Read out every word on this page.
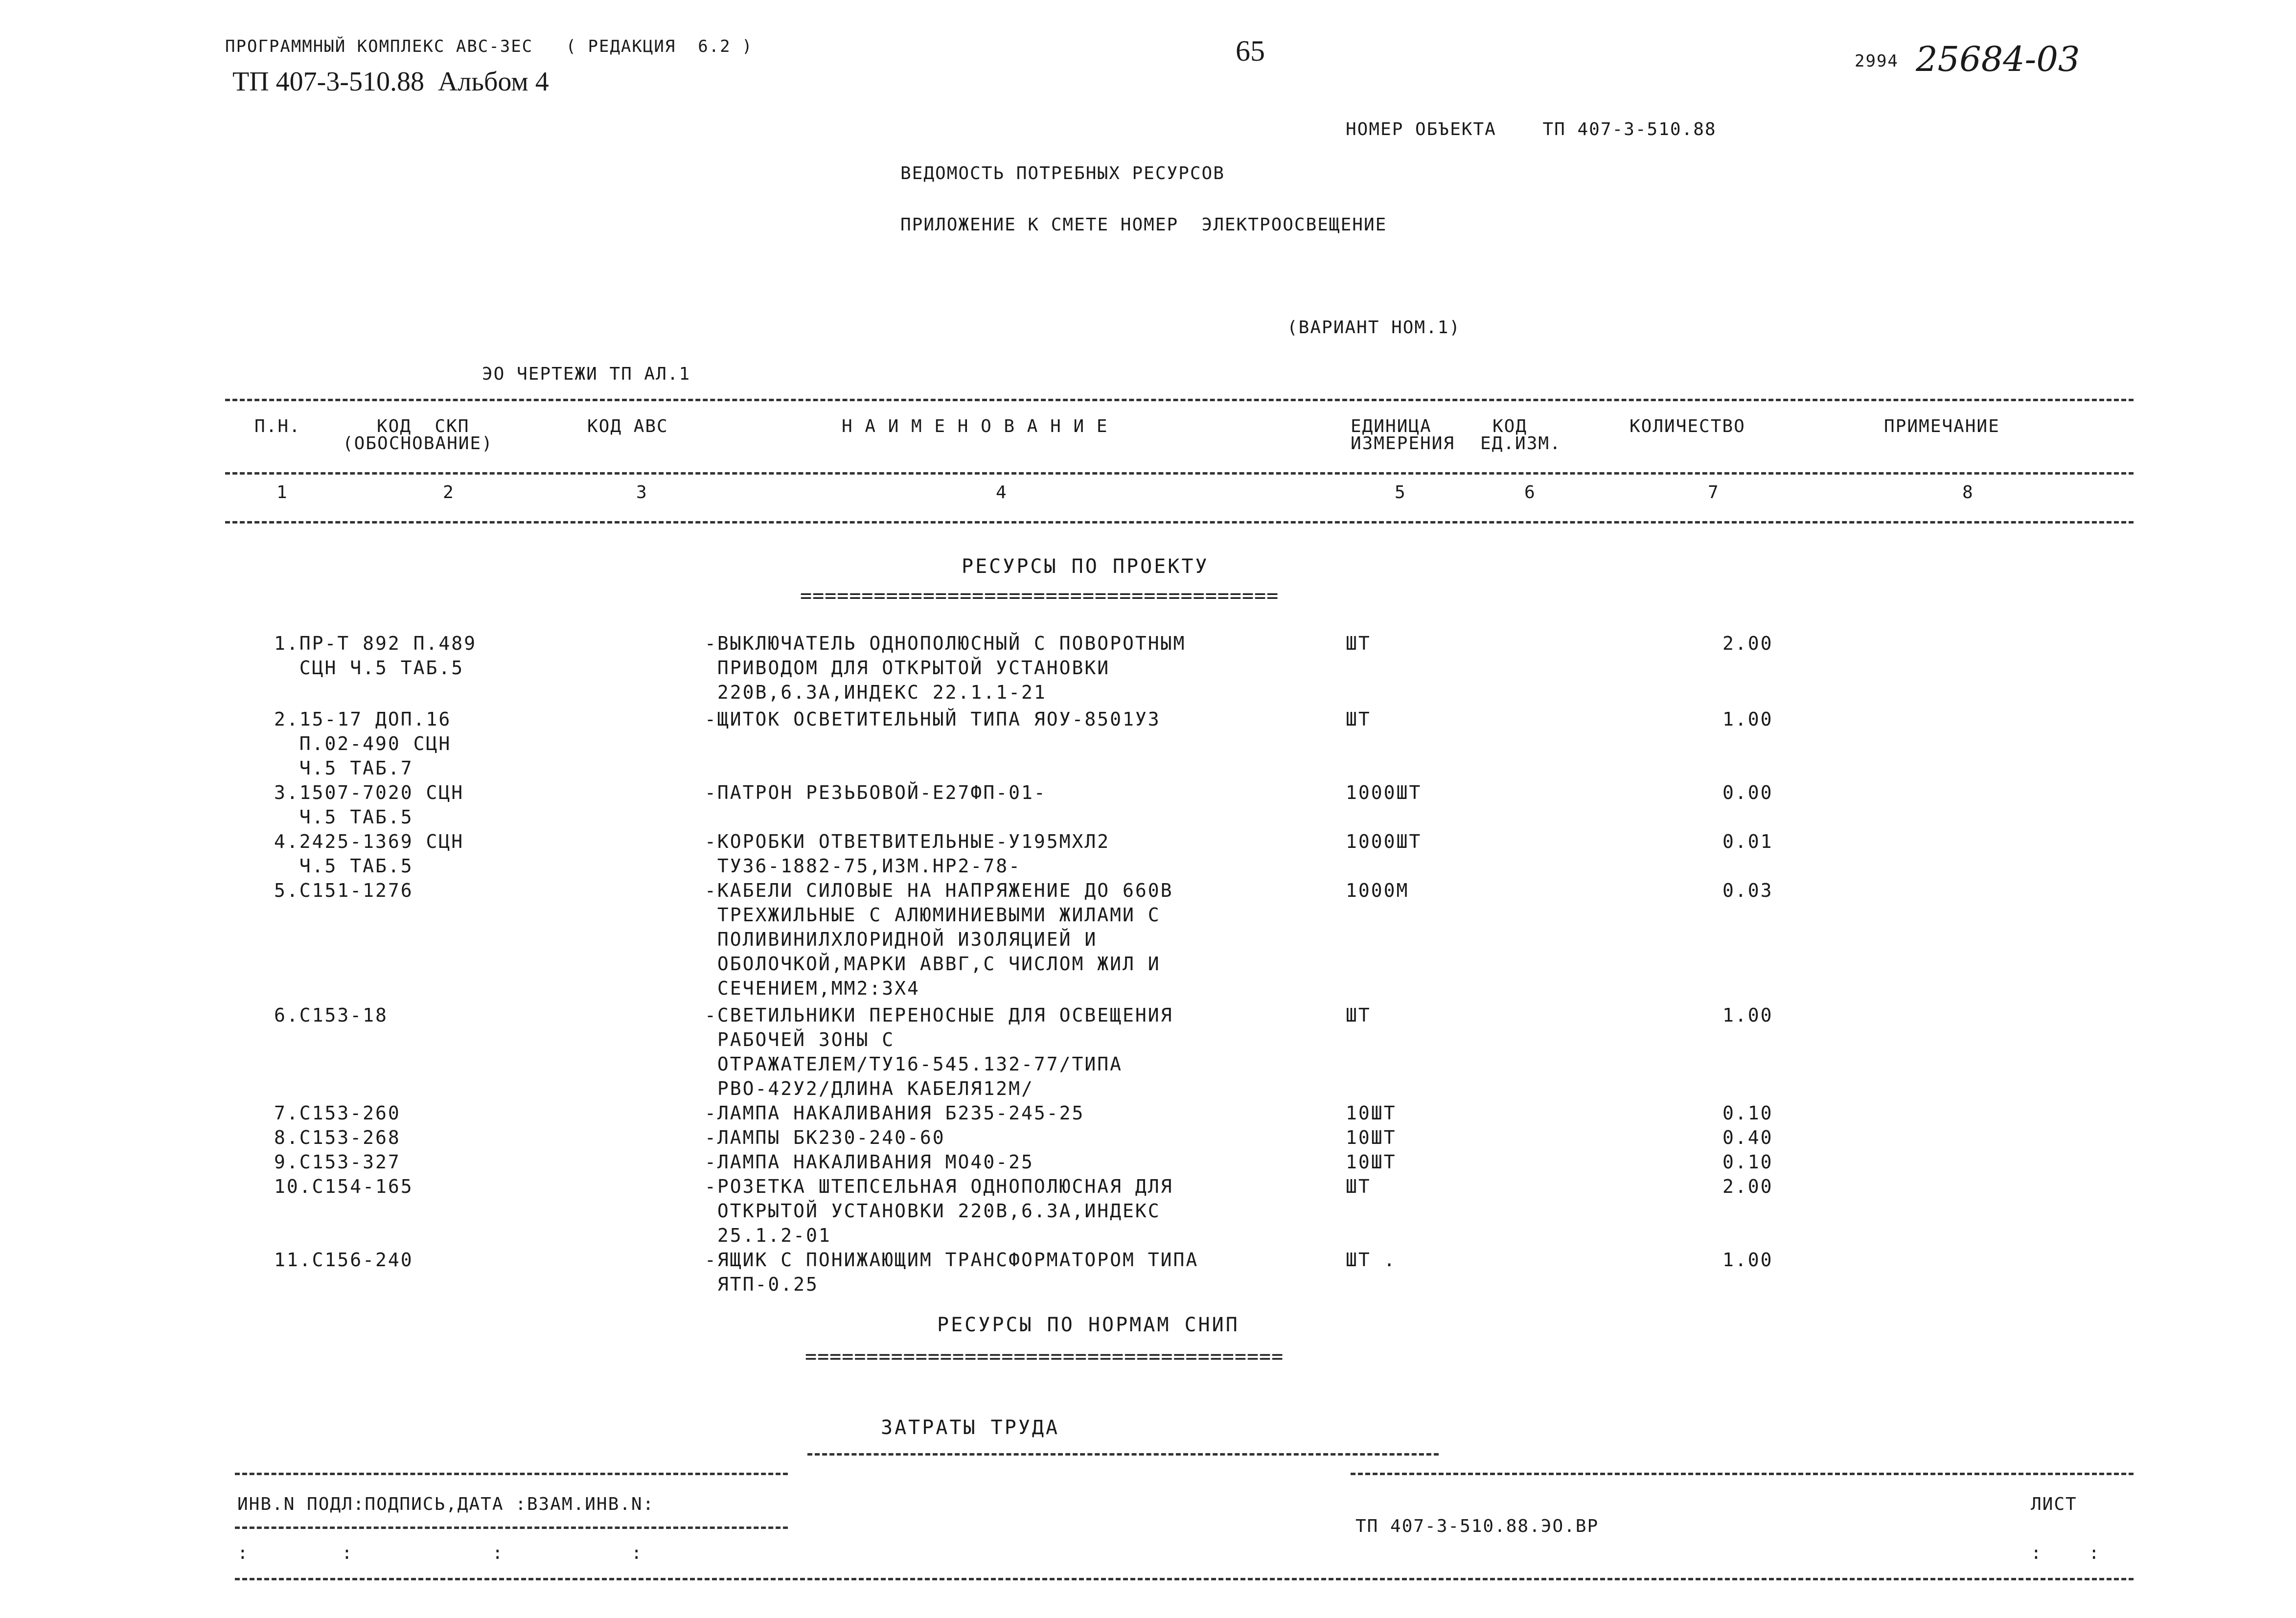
ПРОГРАММНЫЙ КОМПЛЕКС АВС-3ЕС   ( РЕДАКЦИЯ  6.2 )
ТП 407-3-510.88  Альбом 4
65	2994 25684-03
НОМЕР ОБЪЕКТА    ТП 407-3-510.88
ВЕДОМОСТЬ ПОТРЕБНЫХ РЕСУРСОВ
ПРИЛОЖЕНИЕ К СМЕТЕ НОМЕР  ЭЛЕКТРООСВЕЩЕНИЕ
(ВАРИАНТ НОМ.1)
ЭО ЧЕРТЕЖИ ТП АЛ.1
П.Н.	КОД  СКП
(ОБОСНОВАНИЕ)
КОД АВС	Н А И М Е Н О В А Н И Е	ЕДИНИЦА
ИЗМЕРЕНИЯ
КОД
ЕД.ИЗМ.
КОЛИЧЕСТВО	ПРИМЕЧАНИЕ
1	2	3	4	5	6	7	8
РЕСУРСЫ ПО ПРОЕКТУ
=======================================
1.ПР-Т 892 П.489
СЦН Ч.5 ТАБ.5
-ВЫКЛЮЧАТЕЛЬ ОДНОПОЛЮСНЫЙ С ПОВОРОТНЫМ
ПРИВОДОМ ДЛЯ ОТКРЫТОЙ УСТАНОВКИ
220В,6.3А,ИНДЕКС 22.1.1-21
ШТ	2.00
2.15-17 ДОП.16
П.02-490 СЦН
Ч.5 ТАБ.7
-ЩИТОК ОСВЕТИТЕЛЬНЫЙ ТИПА ЯОУ-8501У3	ШТ	1.00
3.1507-7020 СЦН
Ч.5 ТАБ.5
-ПАТРОН РЕЗЬБОВОЙ-Е27ФП-01-	1000ШТ	0.00
4.2425-1369 СЦН
Ч.5 ТАБ.5
-КОРОБКИ ОТВЕТВИТЕЛЬНЫЕ-У195МХЛ2
ТУ36-1882-75,ИЗМ.НР2-78-
1000ШТ	0.01
5.С151-1276	-КАБЕЛИ СИЛОВЫЕ НА НАПРЯЖЕНИЕ ДО 660В
ТРЕХЖИЛЬНЫЕ С АЛЮМИНИЕВЫМИ ЖИЛАМИ С
ПОЛИВИНИЛХЛОРИДНОЙ ИЗОЛЯЦИЕЙ И
ОБОЛОЧКОЙ,МАРКИ АВВГ,С ЧИСЛОМ ЖИЛ И
СЕЧЕНИЕМ,ММ2:3Х4
1000М	0.03
6.С153-18	-СВЕТИЛЬНИКИ ПЕРЕНОСНЫЕ ДЛЯ ОСВЕЩЕНИЯ
РАБОЧЕЙ ЗОНЫ С
ОТРАЖАТЕЛЕМ/ТУ16-545.132-77/ТИПА
РВО-42У2/ДЛИНА КАБЕЛЯ12М/
ШТ	1.00
7.С153-260	-ЛАМПА НАКАЛИВАНИЯ Б235-245-25	10ШТ	0.10
8.С153-268	-ЛАМПЫ БК230-240-60	10ШТ	0.40
9.С153-327	-ЛАМПА НАКАЛИВАНИЯ МО40-25	10ШТ	0.10
10.С154-165	-РОЗЕТКА ШТЕПСЕЛЬНАЯ ОДНОПОЛЮСНАЯ ДЛЯ
ОТКРЫТОЙ УСТАНОВКИ 220В,6.3А,ИНДЕКС
25.1.2-01
ШТ	2.00
11.С156-240	-ЯЩИК С ПОНИЖАЮЩИМ ТРАНСФОРМАТОРОМ ТИПА
ЯТП-0.25
ШТ .	1.00
РЕСУРСЫ ПО НОРМАМ СНИП
=======================================
ЗАТРАТЫ ТРУДА
ИНВ.N ПОДЛ:ПОДПИСЬ,ДАТА :ВЗАМ.ИНВ.N:
ТП 407-3-510.88.ЭО.ВР
ЛИСТ
:        :            :           :	:    :
